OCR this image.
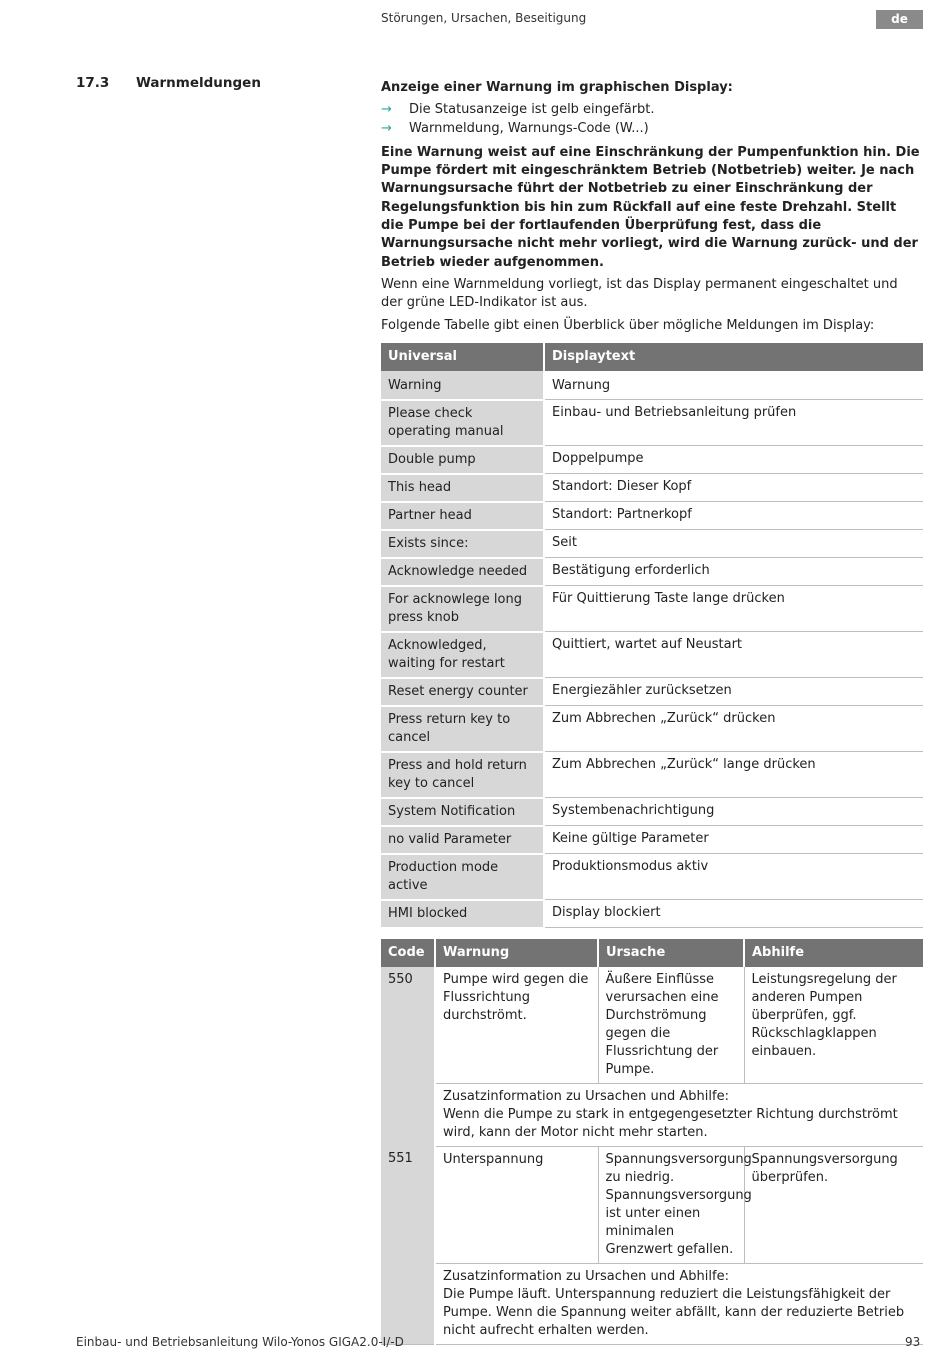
Störungen, Ursachen, Beseitigung	de
17.3 Warnmeldungen	Anzeige einer Warnung im graphischen Display:

→ Die Statusanzeige ist gelb eingefärbt.
→ Warnmeldung, Warnungs-Code (W...)

Eine Warnung weist auf eine Einschränkung der Pumpenfunktion hin. Die Pumpe fördert mit eingeschränktem Betrieb (Notbetrieb) weiter. Je nach Warnungsursache führt der Notbetrieb zu einer Einschränkung der Regelungsfunktion bis hin zum Rückfall auf eine feste Drehzahl. Stellt die Pumpe bei der fortlaufenden Überprüfung fest, dass die Warnungsursache nicht mehr vorliegt, wird die Warnung zurück- und der Betrieb wieder aufgenommen.

Wenn eine Warnmeldung vorliegt, ist das Display permanent eingeschaltet und der grüne LED-Indikator ist aus.

Folgende Tabelle gibt einen Überblick über mögliche Meldungen im Display:

Universal	Displaytext
Warning	Warnung
Please check operating manual	Einbau- und Betriebsanleitung prüfen
Double pump	Doppelpumpe
This head	Standort: Dieser Kopf
Partner head	Standort: Partnerkopf
Exists since:	Seit
Acknowledge needed	Bestätigung erforderlich
For acknowlege long press knob	Für Quittierung Taste lange drücken
Acknowledged, waiting for restart	Quittiert, wartet auf Neustart
Reset energy counter	Energiezähler zurücksetzen
Press return key to cancel	Zum Abbrechen „Zurück“ drücken
Press and hold return key to cancel	Zum Abbrechen „Zurück“ lange drücken
System Notification	Systembenachrichtigung
no valid Parameter	Keine gültige Parameter
Production mode active	Produktionsmodus aktiv
HMI blocked	Display blockiert
Code	Warnung	Ursache	Abhilfe
550	Pumpe wird gegen die Flussrichtung durchströmt.	Äußere Einflüsse verursachen eine Durchströmung gegen die Flussrichtung der Pumpe.	Leistungsregelung der anderen Pumpen überprüfen, ggf. Rückschlagklappen einbauen.

	Zusatzinformation zu Ursachen und Abhilfe:
Wenn die Pumpe zu stark in entgegengesetzter Richtung durchströmt wird, kann der Motor nicht mehr starten.		

551	Unterspannung	Spannungsversorgung zu niedrig. Spannungsversorgung ist unter einen minimalen Grenzwert gefallen.	Spannungsversorgung überprüfen.

	Zusatzinformation zu Ursachen und Abhilfe:
Die Pumpe läuft. Unterspannung reduziert die Leistungsfähigkeit der Pumpe. Wenn die Spannung weiter abfällt, kann der reduzierte Betrieb nicht aufrecht erhalten werden.		
Einbau- und Betriebsanleitung Wilo-Yonos GIGA2.0-I/-D	93
